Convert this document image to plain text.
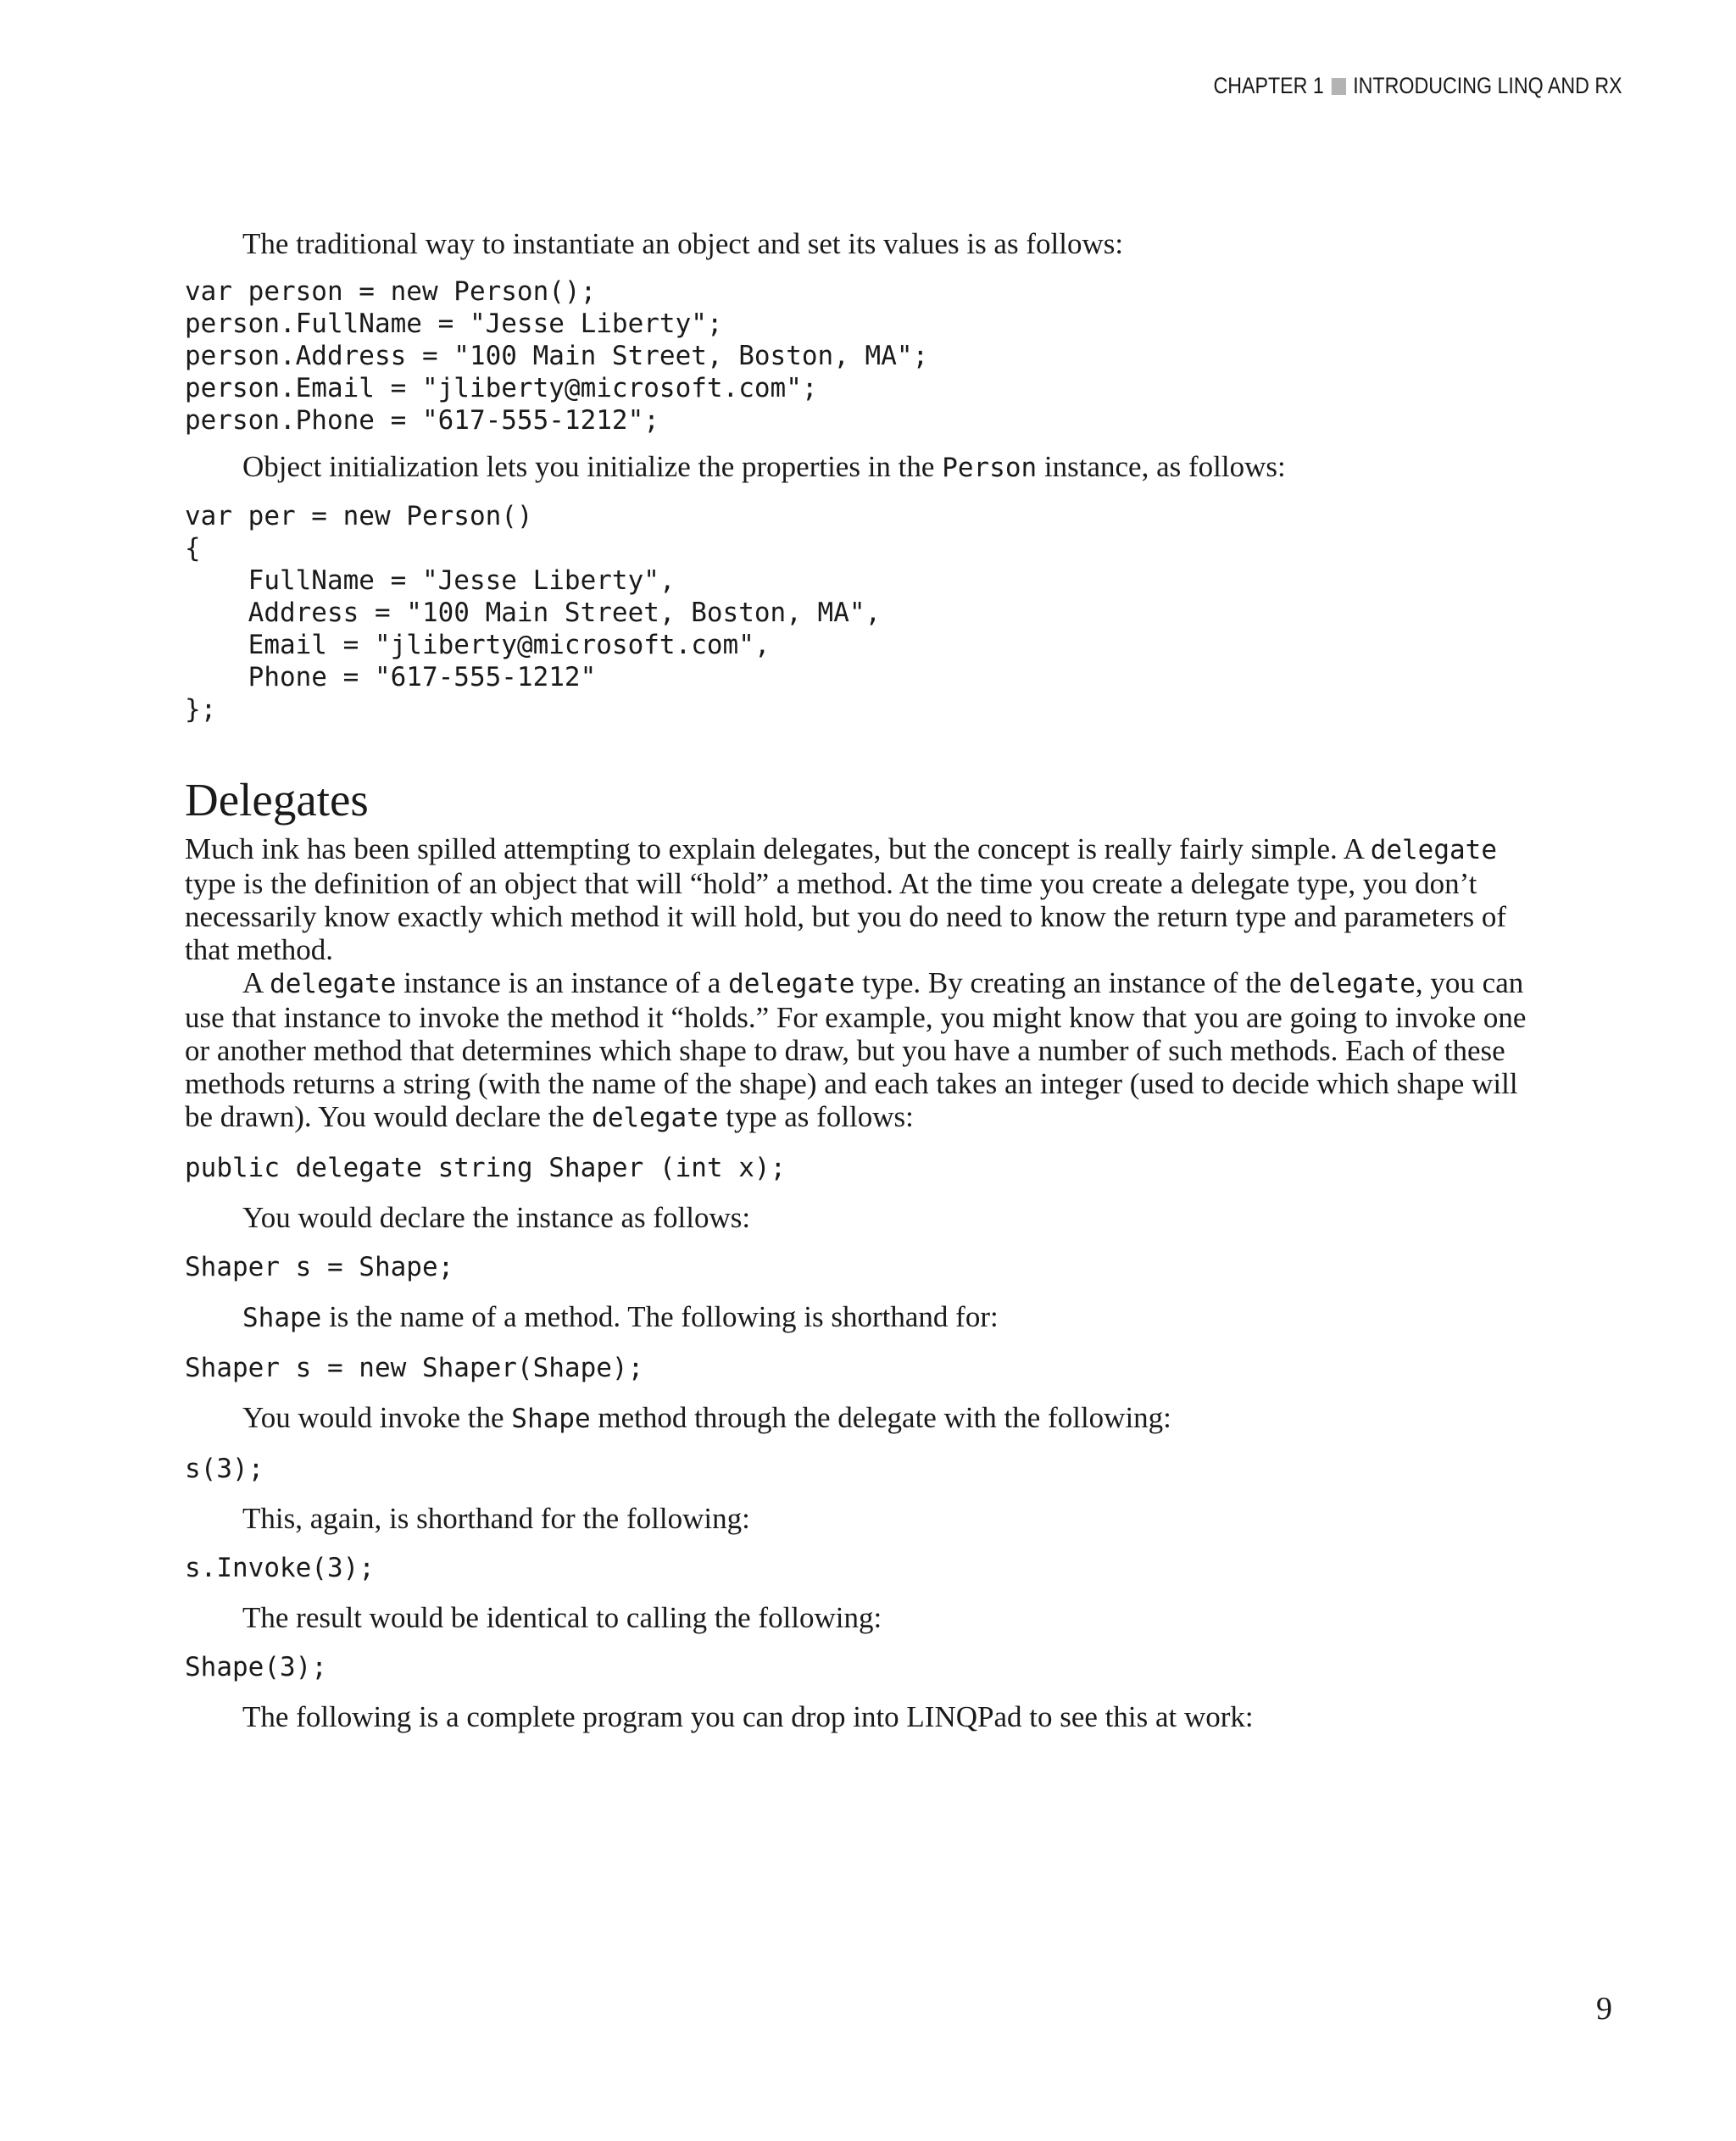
CHAPTER 1 INTRODUCING LINQ AND RX

The traditional way to instantiate an object and set its values is as follows:

var person = new Person();
person.FullName = "Jesse Liberty";
person.Address = "100 Main Street, Boston, MA";
person.Email = "jliberty@microsoft.com";
person.Phone = "617-555-1212";

Object initialization lets you initialize the properties in the Person instance, as follows:

var per = new Person()
{
FullName = "Jesse Liberty",
Address = "100 Main Street, Boston, MA",
Email = "jliberty@microsoft.com",
Phone = "617-555-1212"
};
Delegates

Much ink has been spilled attempting to explain delegates, but the concept is really fairly simple. A delegate type is the definition of an object that will “hold” a method. At the time you create a delegate type, you don’t necessarily know exactly which method it will hold, but you do need to know the return type and parameters of that method.

A delegate instance is an instance of a delegate type. By creating an instance of the delegate, you can use that instance to invoke the method it “holds.” For example, you might know that you are going to invoke one or another method that determines which shape to draw, but you have a number of such methods. Each of these methods returns a string (with the name of the shape) and each takes an integer (used to decide which shape will be drawn). You would declare the delegate type as follows:

public delegate string Shaper (int x);

You would declare the instance as follows:

Shaper s = Shape;

Shape is the name of a method. The following is shorthand for:

Shaper s = new Shaper(Shape);

You would invoke the Shape method through the delegate with the following:

s(3);

This, again, is shorthand for the following:

s.Invoke(3);

The result would be identical to calling the following:

Shape(3);

The following is a complete program you can drop into LINQPad to see this at work:

9
